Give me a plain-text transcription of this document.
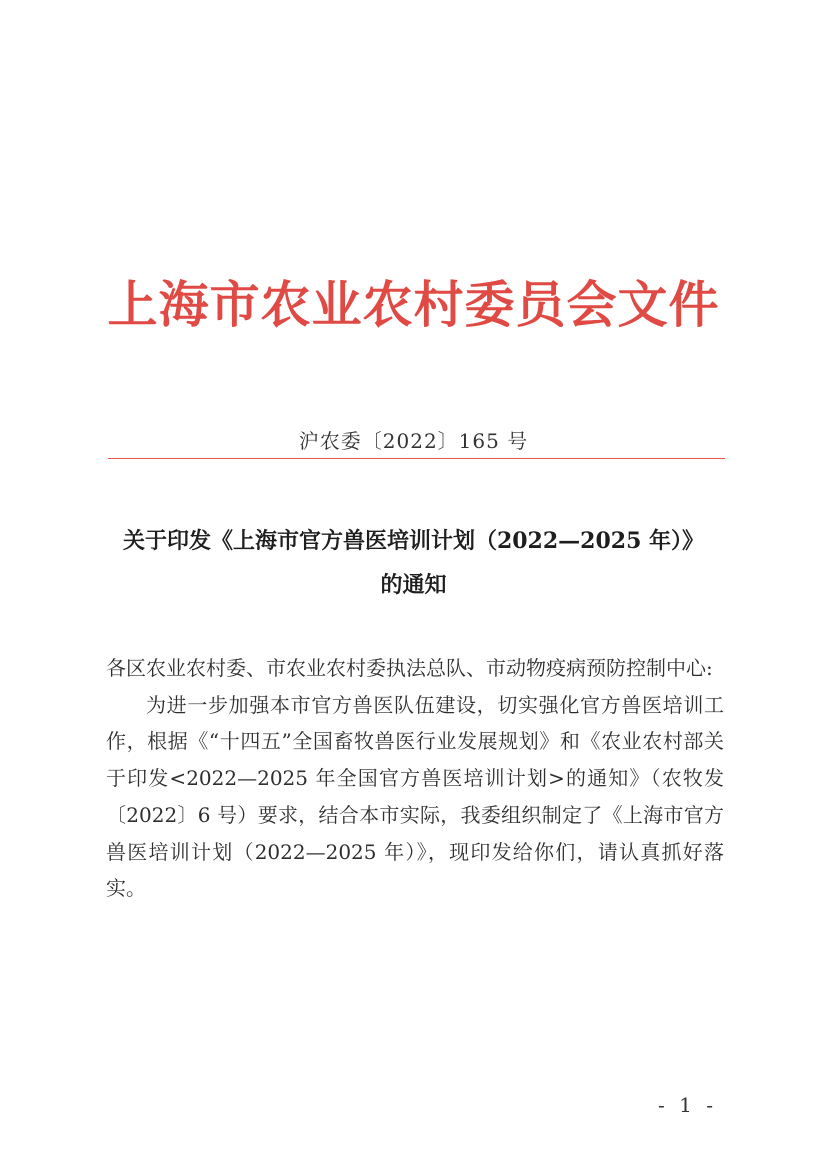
上海市农业农村委员会文件
沪农委〔2022〕165 号
关于印发《上海市官方兽医培训计划（2022—2025 年）》
的通知

各区农业农村委、市农业农村委执法总队、市动物疫病预防控制中心:

为进一步加强本市官方兽医队伍建设，切实强化官方兽医培训工作，根据《“十四五”全国畜牧兽医行业发展规划》和《农业农村部关于印发<2022—2025 年全国官方兽医培训计划>的通知》（农牧发〔2022〕6 号）要求，结合本市实际，我委组织制定了《上海市官方兽医培训计划（2022—2025 年）》，现印发给你们，请认真抓好落实。

- 1 -
